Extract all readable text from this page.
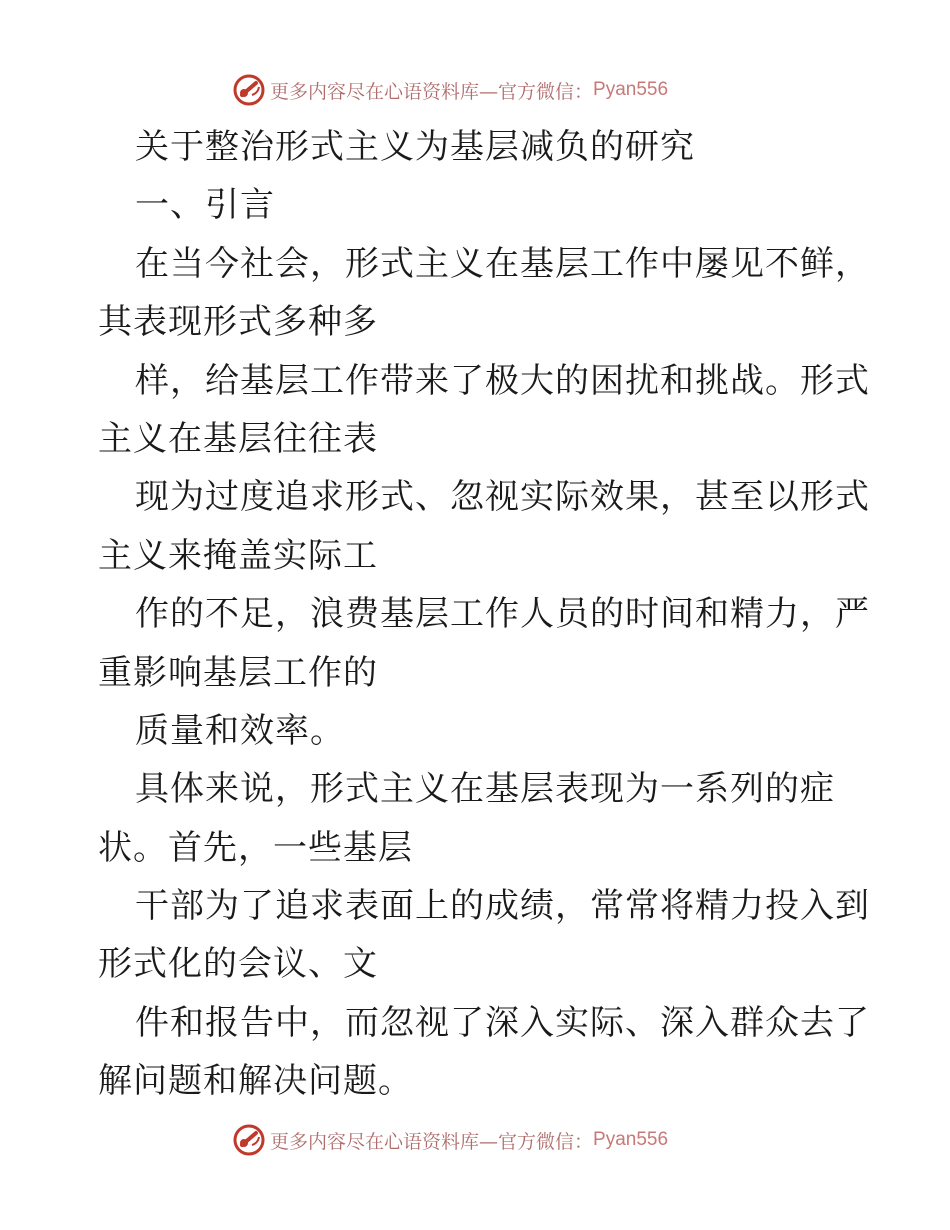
更多内容尽在心语资料库—官方微信： Pyan556
关于整治形式主义为基层减负的研究
一、引言
在当今社会，形式主义在基层工作中屡见不鲜，
其表现形式多种多
样，给基层工作带来了极大的困扰和挑战。形式
主义在基层往往表
现为过度追求形式、忽视实际效果，甚至以形式
主义来掩盖实际工
作的不足，浪费基层工作人员的时间和精力，严
重影响基层工作的
质量和效率。
具体来说，形式主义在基层表现为一系列的症
状。首先，一些基层
干部为了追求表面上的成绩，常常将精力投入到
形式化的会议、文
件和报告中，而忽视了深入实际、深入群众去了
解问题和解决问题。
更多内容尽在心语资料库—官方微信： Pyan556
